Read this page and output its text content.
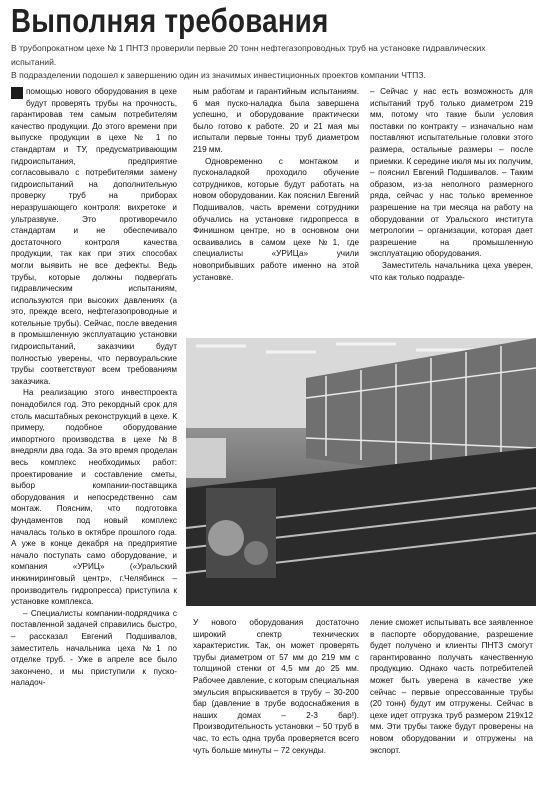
Выполняя требования

В трубопрокатном цехе № 1 ПНТЗ проверили первые 20 тонн нефтегазопроводных труб на установке гидравлических испытаний.

В подразделении подошел к завершению один из значимых инвестиционных проектов компании ЧТПЗ.

помощью нового оборудования в цехе будут проверять трубы на прочность, гарантировав тем самым потребителям качество продукции. До этого времени при выпуске продукции в цехе № 1 по стандартам и ТУ, предусматривающим гидроиспытания, предприятие согласовывало с потребителями замену гидроиспытаний на дополнительную проверку труб на приборах неразрушающего контроля: вихретоке и ультразвуке. Это противоречило стандартам и не обеспечивало достаточного контроля качества продукции, так как при этих способах могли выявить не все дефекты. Ведь трубы, которые должны подвергать гидравлическим испытаниям, используются при высоких давлениях (а это, прежде всего, нефтегазопроводные и котельные трубы). Сейчас, после введения в промышленную эксплуатацию установки гидроиспытаний, заказчики будут полностью уверены, что первоуральские трубы соответствуют всем требованиям заказчика.

На реализацию этого инвестпроекта понадобился год. Это рекордный срок для столь масштабных реконструкций в цехе. К примеру, подобное оборудование импортного производства в цехе №8 внедряли два года. За это время проделан весь комплекс необходимых работ: проектирование и составление сметы, выбор компании-поставщика оборудования и непосредственно сам монтаж. Поясним, что подготовка фундаментов под новый комплекс началась только в октябре прошлого года. А уже в конце декабря на предприятие начало поступать само оборудование, и компания «УРИЦ» («Уральский инжиниринговый центр», г.Челябинск – производитель гидропресса) приступила к установке комплекса.

– Специалисты компании-подрядчика с поставленной задачей справились быстро, – рассказал Евгений Подшивалов, заместитель начальника цеха №1 по отделке труб. - Уже в апреле все было закончено, и мы приступили к пуско-наладоч-

ным работам и гарантийным испытаниям. 6 мая пуско-наладка была завершена успешно, и оборудование практически было готово к работе. 20 и 21 мая мы испытали первые тонны труб диаметром 219 мм.

Одновременно с монтажом и пусконаладкой проходило обучение сотрудников, которые будут работать на новом оборудовании. Как пояснил Евгений Подшивалов, часть времени сотрудники обучались на установке гидропресса в Финишном центре, но в основном они осваивались в самом цехе №1, где специалисты «УРИЦа» учили новоприбывших работе именно на этой установке.

– Сейчас у нас есть возможность для испытаний труб только диаметром 219 мм, потому что такие были условия поставки по контракту – изначально нам поставляют испытательные головки этого размера, остальные размеры – после приемки. К середине июля мы их получим, – пояснил Евгений Подшивалов. – Таким образом, из-за неполного размерного ряда, сейчас у нас только временное разрешение на три месяца на работу на оборудовании от Уральского института метрологии – организации, которая дает разрешение на промышленную эксплуатацию оборудования.

Заместитель начальника цеха уверен, что как только подразде-

У нового оборудования достаточно широкий спектр технических характеристик. Так, он может проверять трубы диаметром от 57 мм до 219 мм с толщиной стенки от 4,5 мм до 25 мм. Рабочее давление, с которым специальная эмульсия впрыскивается в трубу – 30-200 бар (давление в трубе водоснабжения в наших домах – 2-3 бар!). Производительность установки – 50 труб в час, то есть одна труба проверяется всего чуть больше минуты – 72 секунды.

ление сможет испытывать все заявленное в паспорте оборудование, разрешение будет получено и клиенты ПНТЗ смогут гарантированно получать качественную продукцию. Однако часть потребителей может быть уверена в качестве уже сейчас – первые опрессованные трубы (20 тонн) будут им отгружены. Сейчас в цехе идет отгрузка труб размером 219х12 мм. Эти трубы также будут проверены на новом оборудовании и отгружены на экспорт.
